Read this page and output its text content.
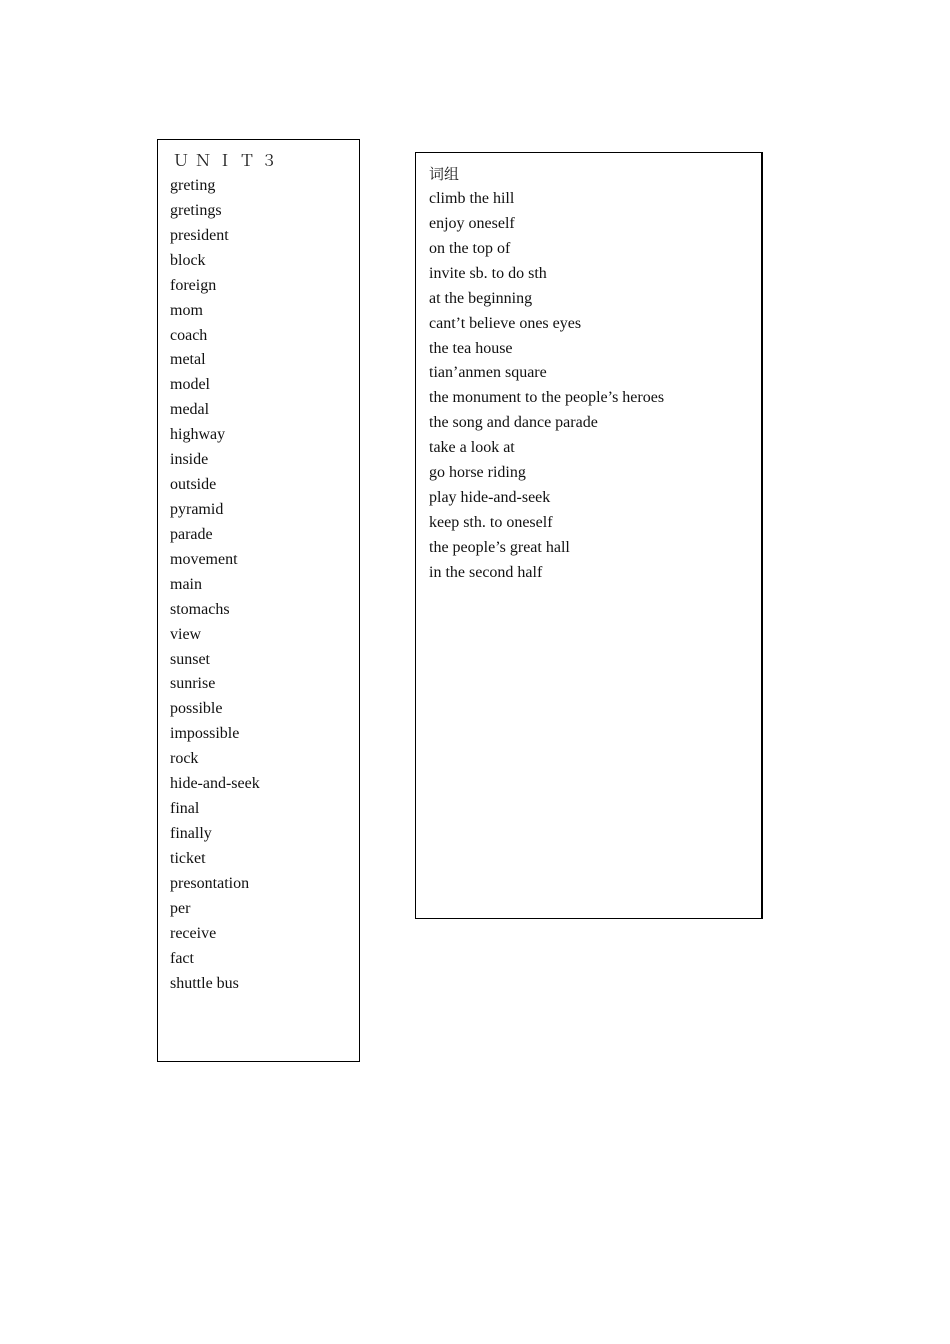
ＵＮＩＴ３
greting
gretings
president
block
foreign
mom
coach
metal
model
medal
highway
inside
outside
pyramid
parade
movement
main
stomachs
view
sunset
sunrise
possible
impossible
rock
hide-and-seek
final
finally
ticket
presontation
per
receive
fact
shuttle bus
词组
climb the hill
enjoy oneself
on the top of
invite sb. to do sth
at the beginning
cant’t believe ones eyes
the tea house
tian’anmen square
the monument to the people’s heroes
the song and dance parade
take a look at
go horse riding
play hide-and-seek
keep sth. to oneself
the people’s great hall
in the second half
